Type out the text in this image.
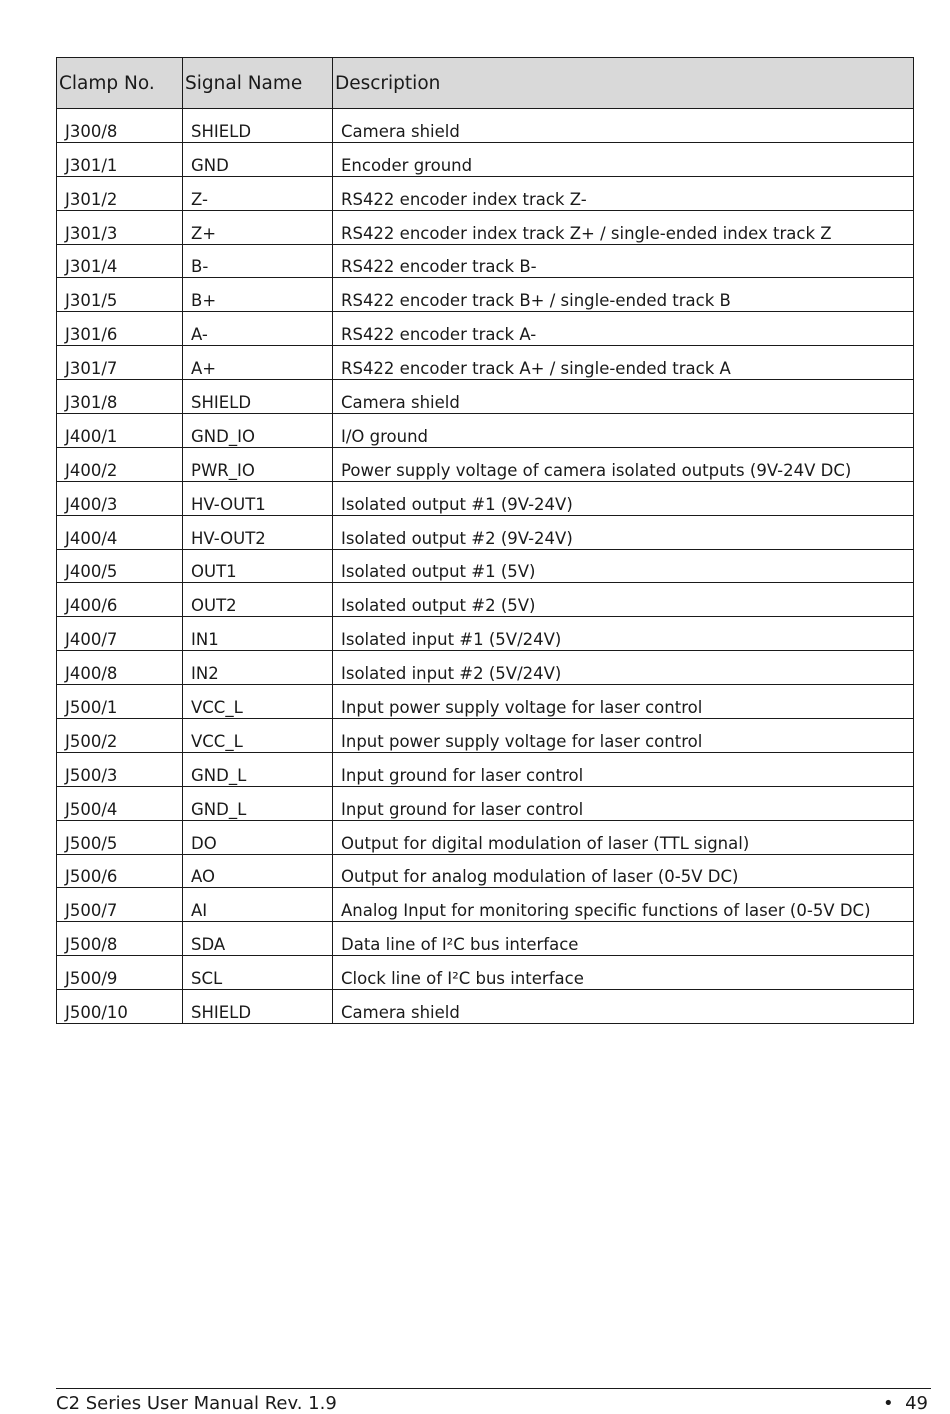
Clamp No.	Signal Name	Description
J300/8	SHIELD	Camera shield
J301/1	GND	Encoder ground
J301/2	Z-	RS422 encoder index track Z-
J301/3	Z+	RS422 encoder index track Z+ / single-ended index track Z
J301/4	B-	RS422 encoder track B-
J301/5	B+	RS422 encoder track B+ / single-ended track B
J301/6	A-	RS422 encoder track A-
J301/7	A+	RS422 encoder track A+ / single-ended track A
J301/8	SHIELD	Camera shield
J400/1	GND_IO	I/O ground
J400/2	PWR_IO	Power supply voltage of camera isolated outputs (9V-24V DC)
J400/3	HV-OUT1	Isolated output #1 (9V-24V)
J400/4	HV-OUT2	Isolated output #2 (9V-24V)
J400/5	OUT1	Isolated output #1 (5V)
J400/6	OUT2	Isolated output #2 (5V)
J400/7	IN1	Isolated input #1 (5V/24V)
J400/8	IN2	Isolated input #2 (5V/24V)
J500/1	VCC_L	Input power supply voltage for laser control
J500/2	VCC_L	Input power supply voltage for laser control
J500/3	GND_L	Input ground for laser control
J500/4	GND_L	Input ground for laser control
J500/5	DO	Output for digital modulation of laser (TTL signal)
J500/6	AO	Output for analog modulation of laser (0-5V DC)
J500/7	AI	Analog Input for monitoring specific functions of laser (0-5V DC)
J500/8	SDA	Data line of I²C bus interface
J500/9	SCL	Clock line of I²C bus interface
J500/10	SHIELD	Camera shield
C2 Series User Manual Rev. 1.9	• 49
